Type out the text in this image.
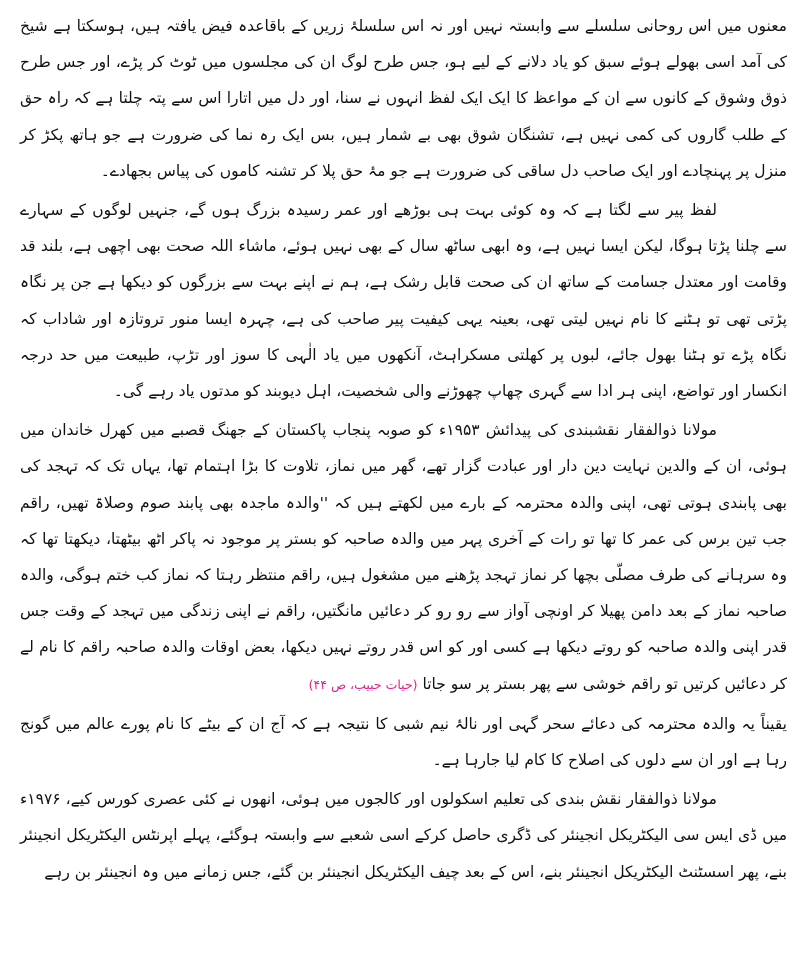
معنوں میں اس روحانی سلسلے سے وابستہ نہیں اور نہ اس سلسلۂ زریں کے باقاعدہ فیض یافتہ ہیں، ہوسکتا ہے شیخ کی آمد اسی بھولے ہوئے سبق کو یاد دلانے کے لیے ہو، جس طرح لوگ ان کی مجلسوں میں ٹوٹ کر پڑے، اور جس طرح ذوق وشوق کے کانوں سے ان کے مواعظ کا ایک ایک لفظ انہوں نے سنا، اور دل میں اتارا اس سے پتہ چلتا ہے کہ راہ حق کے طلب گاروں کی کمی نہیں ہے، تشنگان شوق بھی بے شمار ہیں، بس ایک رہ نما کی ضرورت ہے جو ہاتھ پکڑ کر منزل پر پہنچادے اور ایک صاحب دل ساقی کی ضرورت ہے جو مۂ حق پلا کر تشنہ کاموں کی پیاس بجھادے۔

لفظ پیر سے لگتا ہے کہ وہ کوئی بہت ہی بوڑھے اور عمر رسیدہ بزرگ ہوں گے، جنہیں لوگوں کے سہارے سے چلنا پڑتا ہوگا، لیکن ایسا نہیں ہے، وہ ابھی ساٹھ سال کے بھی نہیں ہوئے، ماشاء اللہ صحت بھی اچھی ہے، بلند قد وقامت اور معتدل جسامت کے ساتھ ان کی صحت قابل رشک ہے، ہم نے اپنے بہت سے بزرگوں کو دیکھا ہے جن پر نگاہ پڑتی تھی تو ہٹنے کا نام نہیں لیتی تھی، بعینہ یہی کیفیت پیر صاحب کی ہے، چہرہ ایسا منور تروتازہ اور شاداب کہ نگاہ پڑے تو ہٹنا بھول جائے، لبوں پر کھلتی مسکراہٹ، آنکھوں میں یاد الٰہی کا سوز اور تڑپ، طبیعت میں حد درجہ انکسار اور تواضع، اپنی ہر ادا سے گہری چھاپ چھوڑنے والی شخصیت، اہل دیوبند کو مدتوں یاد رہے گی۔

مولانا ذوالفقار نقشبندی کی پیدائش ۱۹۵۳ء کو صوبہ پنجاب پاکستان کے جھنگ قصبے میں کھرل خاندان میں ہوئی، ان کے والدین نہایت دین دار اور عبادت گزار تھے، گھر میں نماز، تلاوت کا بڑا اہتمام تھا، یہاں تک کہ تہجد کی بھی پابندی ہوتی تھی، اپنی والدہ محترمہ کے بارے میں لکھتے ہیں کہ ''والدہ ماجدہ بھی پابند صوم وصلاۃ تھیں، راقم جب تین برس کی عمر کا تھا تو رات کے آخری پہر میں والدہ صاحبہ کو بستر پر موجود نہ پاکر اٹھ بیٹھتا، دیکھتا تھا کہ وہ سرہانے کی طرف مصلّی بچھا کر نماز تہجد پڑھنے میں مشغول ہیں، راقم منتظر رہتا کہ نماز کب ختم ہوگی، والدہ صاحبہ نماز کے بعد دامن پھیلا کر اونچی آواز سے رو رو کر دعائیں مانگتیں، راقم نے اپنی زندگی میں تہجد کے وقت جس قدر اپنی والدہ صاحبہ کو روتے دیکھا ہے کسی اور کو اس قدر روتے نہیں دیکھا، بعض اوقات والدہ صاحبہ راقم کا نام لے کر دعائیں کرتیں تو راقم خوشی سے پھر بستر پر سو جاتا (حیات حبیب، ص ۴۴)

یقیناً یہ والدہ محترمہ کی دعائے سحر گہی اور نالۂ نیم شبی کا نتیجہ ہے کہ آج ان کے بیٹے کا نام پورے عالم میں گونج رہا ہے اور ان سے دلوں کی اصلاح کا کام لیا جارہا ہے۔

مولانا ذوالفقار نقش بندی کی تعلیم اسکولوں اور کالجوں میں ہوئی، انھوں نے کئی عصری کورس کیے، ۱۹۷۶ء میں ڈی ایس سی الیکٹریکل انجینئر کی ڈگری حاصل کرکے اسی شعبے سے وابستہ ہوگئے، پہلے اپرنٹس الیکٹریکل انجینئر بنے، پھر اسسٹنٹ الیکٹریکل انجینئر بنے، اس کے بعد چیف الیکٹریکل انجینئر بن گئے، جس زمانے میں وہ انجینئر بن رہے
